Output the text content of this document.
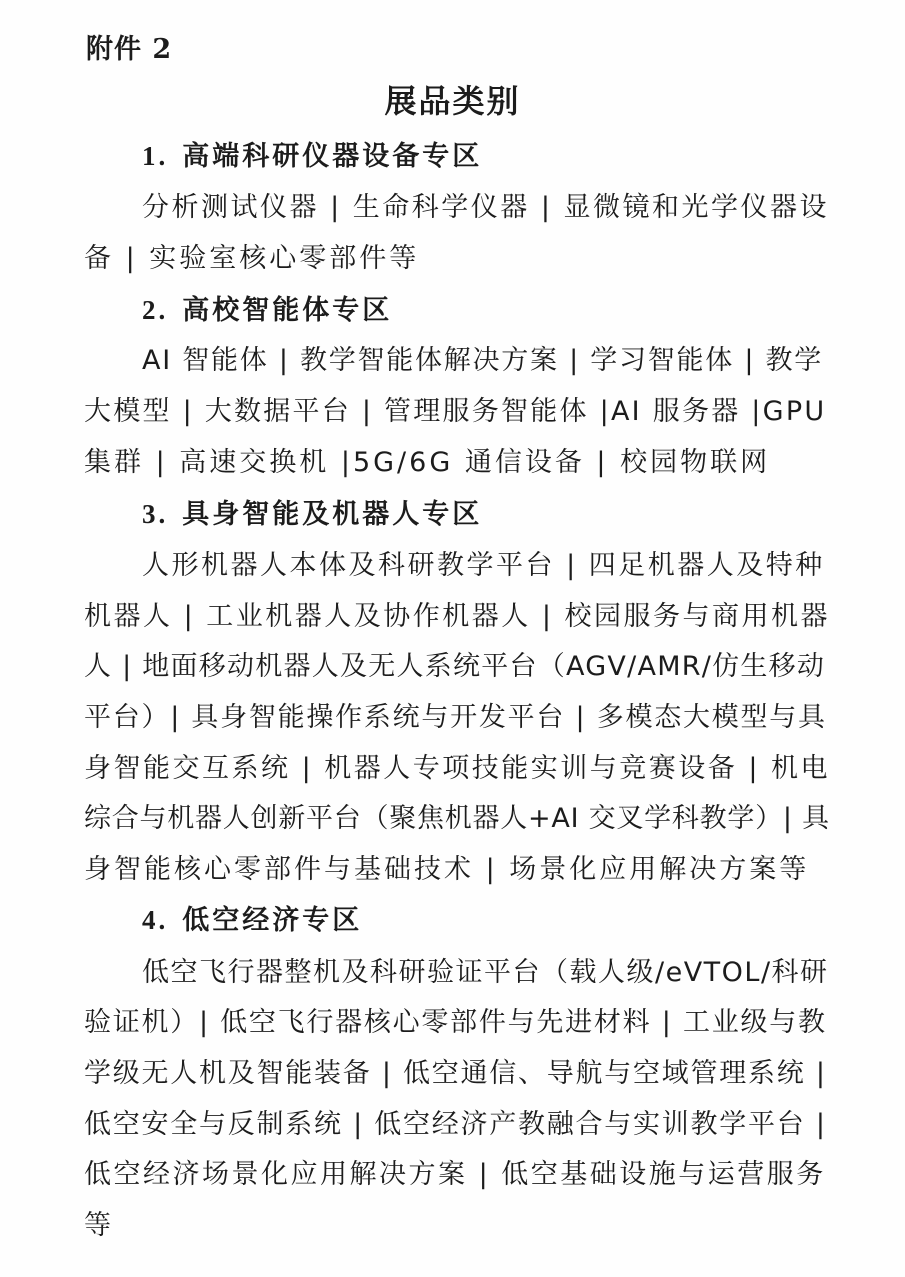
附件 2
展品类别
1. 高端科研仪器设备专区
分析测试仪器 | 生命科学仪器 | 显微镜和光学仪器设
备 | 实验室核心零部件等
2. 高校智能体专区
AI 智能体 | 教学智能体解决方案 | 学习智能体 | 教学
大模型 | 大数据平台 | 管理服务智能体 |AI 服务器 |GPU
集群 | 高速交换机 |5G/6G 通信设备 | 校园物联网
3. 具身智能及机器人专区
人形机器人本体及科研教学平台 | 四足机器人及特种
机器人 | 工业机器人及协作机器人 | 校园服务与商用机器
人 | 地面移动机器人及无人系统平台（AGV/AMR/仿生移动
平台）| 具身智能操作系统与开发平台 | 多模态大模型与具
身智能交互系统 | 机器人专项技能实训与竞赛设备 | 机电
综合与机器人创新平台（聚焦机器人+AI 交叉学科教学）| 具
身智能核心零部件与基础技术 | 场景化应用解决方案等
4. 低空经济专区
低空飞行器整机及科研验证平台（载人级/eVTOL/科研
验证机）| 低空飞行器核心零部件与先进材料 | 工业级与教
学级无人机及智能装备 | 低空通信、导航与空域管理系统 |
低空安全与反制系统 | 低空经济产教融合与实训教学平台 |
低空经济场景化应用解决方案 | 低空基础设施与运营服务
等
